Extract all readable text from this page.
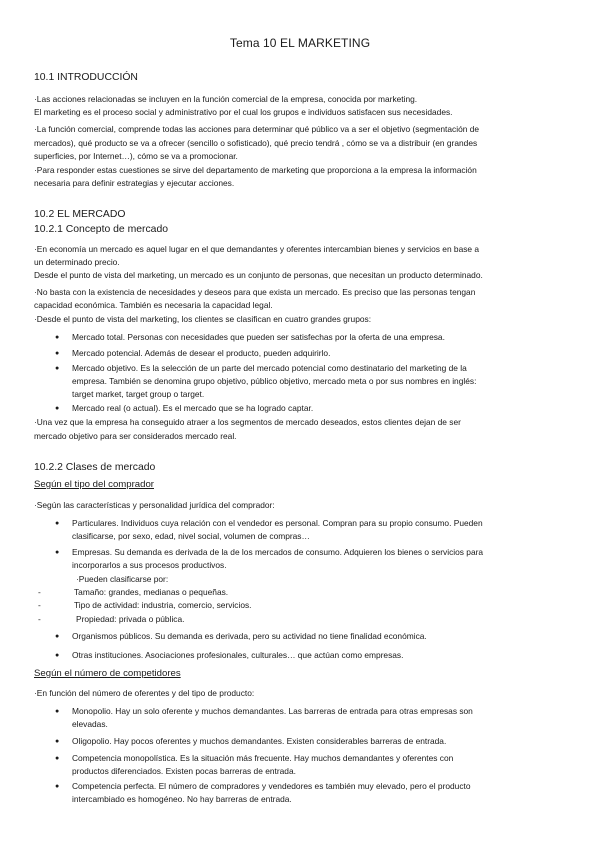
Tema 10 EL MARKETING
10.1 INTRODUCCIÓN
·Las acciones relacionadas se incluyen en la función comercial de la empresa, conocida por marketing.
El marketing es el proceso social y administrativo por el cual los grupos e individuos satisfacen sus necesidades.
·La función comercial, comprende todas las acciones para determinar qué público va a ser el objetivo (segmentación de
mercados), qué producto se va a ofrecer (sencillo o sofisticado), qué precio tendrá , cómo se va a distribuir (en grandes
superficies, por Internet…), cómo se va a promocionar.
·Para responder estas cuestiones se sirve del departamento de marketing que proporciona a la empresa la información
necesaria para definir estrategias y ejecutar acciones.
10.2 EL MERCADO
10.2.1 Concepto de mercado
·En economía un mercado es aquel lugar en el que demandantes y oferentes intercambian bienes y servicios en base a
un determinado precio.
Desde el punto de vista del marketing, un mercado es un conjunto de personas, que necesitan un producto determinado.
·No basta con la existencia de necesidades y deseos para que exista un mercado. Es preciso que las personas tengan
capacidad económica. También es necesaria la capacidad legal.
·Desde el punto de vista del marketing, los clientes se clasifican en cuatro grandes grupos:
● Mercado total. Personas con necesidades que pueden ser satisfechas por la oferta de una empresa.
● Mercado potencial. Además de desear el producto, pueden adquirirlo.
● Mercado objetivo. Es la selección de un parte del mercado potencial como destinatario del marketing de la
empresa. También se denomina grupo objetivo, público objetivo, mercado meta o por sus nombres en inglés:
target market, target group o target.
● Mercado real (o actual). Es el mercado que se ha logrado captar.
·Una vez que la empresa ha conseguido atraer a los segmentos de mercado deseados, estos clientes dejan de ser
mercado objetivo para ser considerados mercado real.
10.2.2 Clases de mercado
Según el tipo del comprador
·Según las características y personalidad jurídica del comprador:
● Particulares. Individuos cuya relación con el vendedor es personal. Compran para su propio consumo. Pueden
clasificarse, por sexo, edad, nivel social, volumen de compras…
● Empresas. Su demanda es derivada de la de los mercados de consumo. Adquieren los bienes o servicios para
incorporarlos a sus procesos productivos.
·Pueden clasificarse por:
-	Tamaño: grandes, medianas o pequeñas.
-	Tipo de actividad: industria, comercio, servicios.
-	Propiedad: privada o pública.
● Organismos públicos. Su demanda es derivada, pero su actividad no tiene finalidad económica.
● Otras instituciones. Asociaciones profesionales, culturales… que actúan como empresas.
Según el número de competidores
·En función del número de oferentes y del tipo de producto:
● Monopolio. Hay un solo oferente y muchos demandantes. Las barreras de entrada para otras empresas son
elevadas.
● Oligopolio. Hay pocos oferentes y muchos demandantes. Existen considerables barreras de entrada.
● Competencia monopolística. Es la situación más frecuente. Hay muchos demandantes y oferentes con
productos diferenciados. Existen pocas barreras de entrada.
● Competencia perfecta. El número de compradores y vendedores es también muy elevado, pero el producto
intercambiado es homogéneo. No hay barreras de entrada.
